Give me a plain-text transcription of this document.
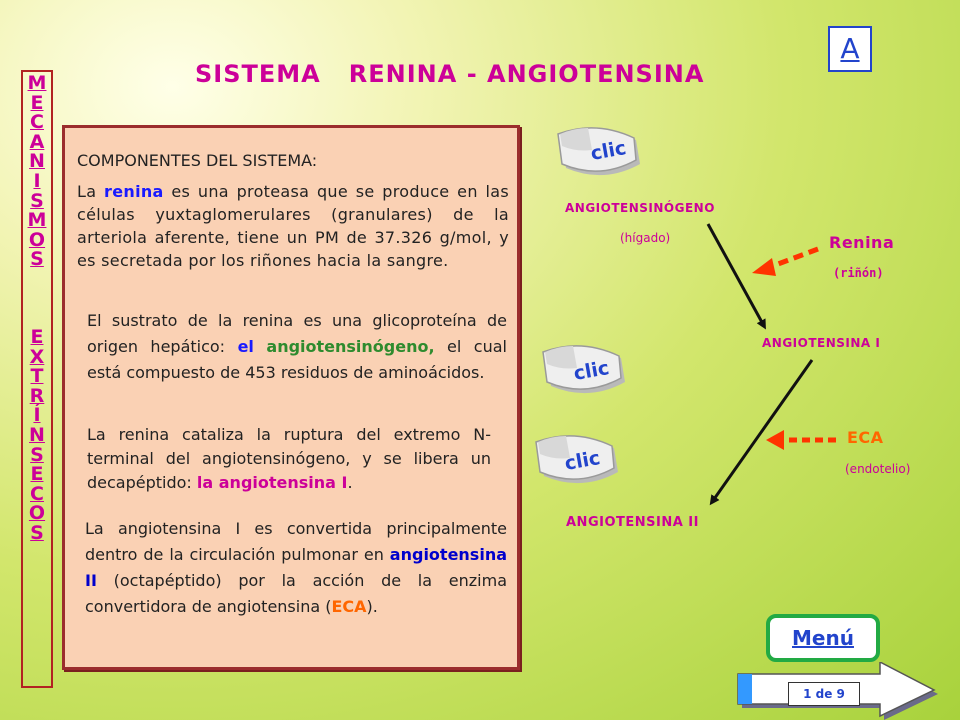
SISTEMA   RENINA - ANGIOTENSINA
A
M
E
C
A
N
I
S
M
O
S
E
X
T
R
Í
N
S
E
C
O
S
COMPONENTES DEL SISTEMA:
La renina es una proteasa que se produce en las células yuxtaglomerulares (granulares) de la arteriola aferente, tiene un PM de 37.326 g/mol, y es secretada por los riñones hacia la sangre.
El sustrato de la renina es una glicoproteína de origen hepático: el angiotensinógeno, el cual está compuesto de 453 residuos de aminoácidos.
La renina cataliza la ruptura del extremo N- terminal del angiotensinógeno, y se libera un decapéptido: la angiotensina I.
La angiotensina I es convertida principalmente dentro de la circulación pulmonar en angiotensina II (octapéptido) por la acción de la enzima convertidora de angiotensina (ECA).
clic
clic
clic
ANGIOTENSINÓGENO
(hígado)	Renina
(riñón)
ANGIOTENSINA I
ECA
(endotelio)
ANGIOTENSINA II
1 de 9
Menú
